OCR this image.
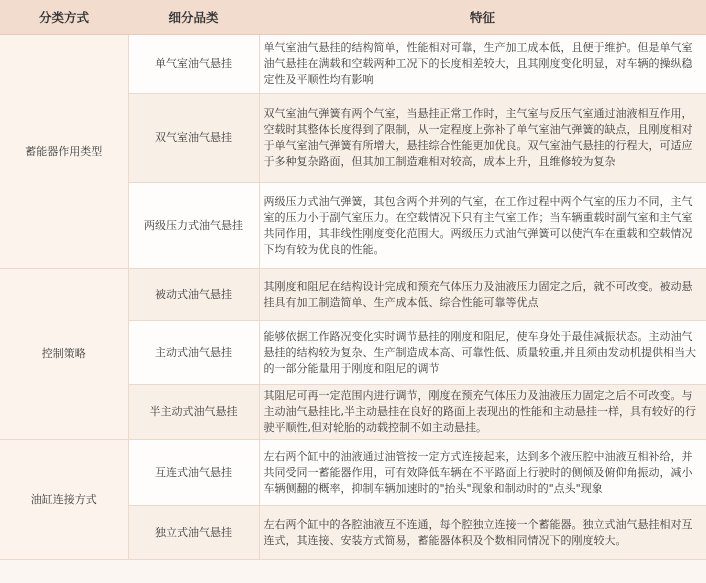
分类方式	细分品类	特征
蓄能器作用类型	单气室油气悬挂	单气室油气悬挂的结构简单，性能相对可靠，生产加工成本低，且便于维护。但是单气室油气悬挂在满载和空载两种工况下的长度相差较大，且其刚度变化明显，对车辆的操纵稳定性及平顺性均有影响
	双气室油气悬挂	双气室油气弹簧有两个气室，当悬挂正常工作时，主气室与反压气室通过油液相互作用，空载时其整体长度得到了限制，从一定程度上弥补了单气室油气弹簧的缺点，且刚度相对于单气室油气弹簧有所增大，悬挂综合性能更加优良。双气室油气悬挂的行程大，可适应于多种复杂路面，但其加工制造难相对较高，成本上升，且维修较为复杂
	两级压力式油气悬挂	两级压力式油气弹簧，其包含两个并列的气室，在工作过程中两个气室的压力不同，主气室的压力小于副气室压力。在空载情况下只有主气室工作；当车辆重载时副气室和主气室共同作用，其非线性刚度变化范围大。两级压力式油气弹簧可以使汽车在重载和空载情况下均有较为优良的性能。
控制策略	被动式油气悬挂	其刚度和阻尼在结构设计完成和预充气体压力及油液压力固定之后，就不可改变。被动悬挂具有加工制造简单、生产成本低、综合性能可靠等优点
	主动式油气悬挂	能够依据工作路况变化实时调节悬挂的刚度和阻尼，使车身处于最佳减振状态。主动油气悬挂的结构较为复杂、生产制造成本高、可靠性低、质量较重,并且须由发动机提供相当大的一部分能量用于刚度和阻尼的调节
	半主动式油气悬挂	其阻尼可再一定范围内进行调节，刚度在预充气体压力及油液压力固定之后不可改变。与主动油气悬挂比,半主动悬挂在良好的路面上表现出的性能和主动悬挂一样，具有较好的行驶平顺性,但对轮胎的动载控制不如主动悬挂。
油缸连接方式	互连式油气悬挂	左右两个缸中的油液通过油管按一定方式连接起来，达到多个液压腔中油液互相补给，并共同受同一蓄能器作用，可有效降低车辆在不平路面上行驶时的侧倾及俯仰角振动，减小车辆侧翻的概率，抑制车辆加速时的"抬头"现象和制动时的"点头"现象
	独立式油气悬挂	左右两个缸中的各腔油液互不连通，每个腔独立连接一个蓄能器。独立式油气悬挂相对互连式，其连接、安装方式简易，蓄能器体积及个数相同情况下的刚度较大。
